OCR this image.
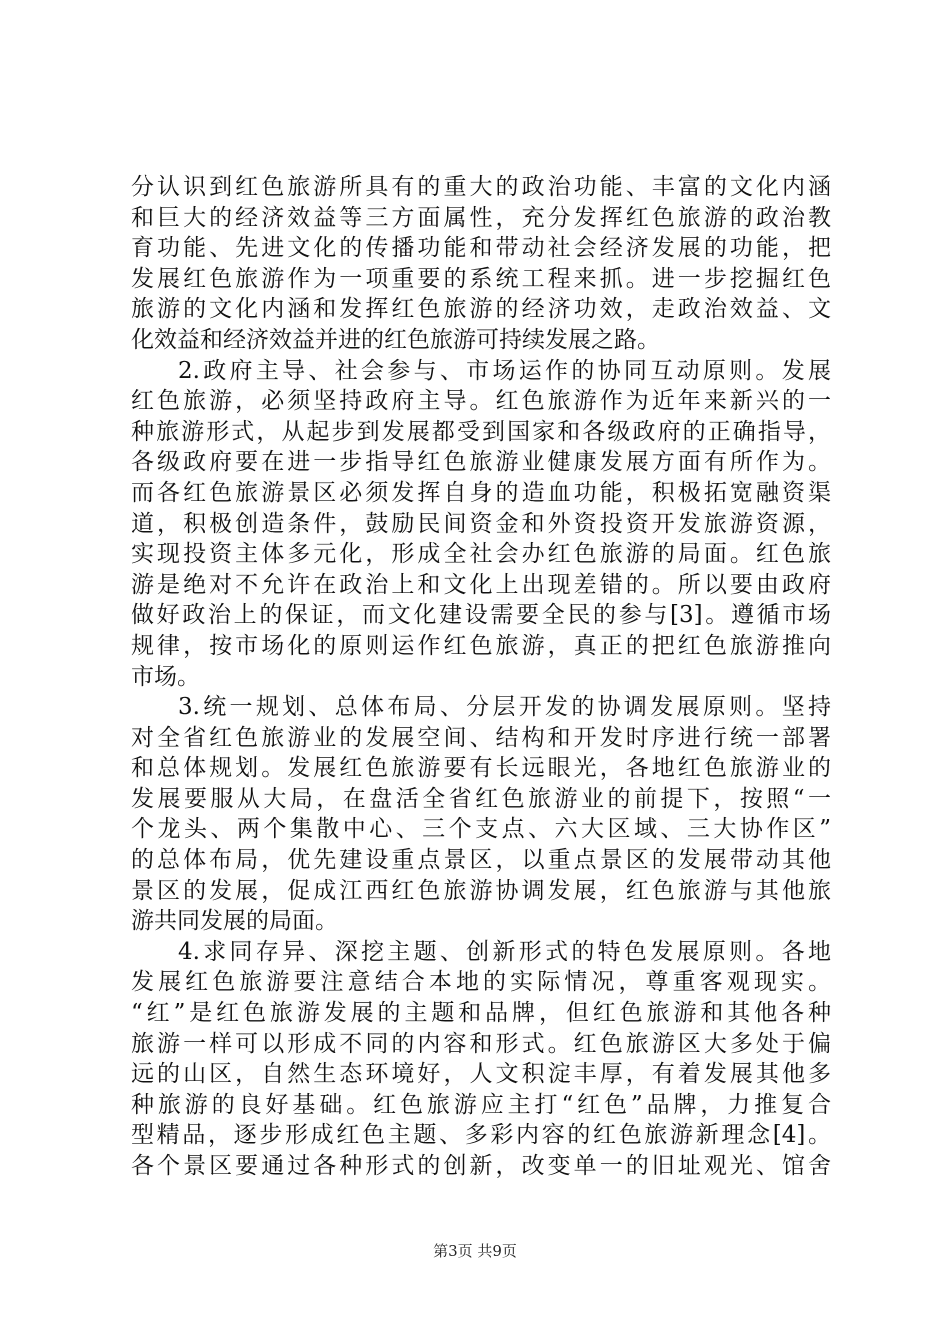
分认识到红色旅游所具有的重大的政治功能、丰富的文化内涵
和巨大的经济效益等三方面属性，充分发挥红色旅游的政治教
育功能、先进文化的传播功能和带动社会经济发展的功能，把
发展红色旅游作为一项重要的系统工程来抓。进一步挖掘红色
旅游的文化内涵和发挥红色旅游的经济功效，走政治效益、文
化效益和经济效益并进的红色旅游可持续发展之路。
2.政府主导、社会参与、市场运作的协同互动原则。发展
红色旅游，必须坚持政府主导。红色旅游作为近年来新兴的一
种旅游形式，从起步到发展都受到国家和各级政府的正确指导，
各级政府要在进一步指导红色旅游业健康发展方面有所作为。
而各红色旅游景区必须发挥自身的造血功能，积极拓宽融资渠
道，积极创造条件，鼓励民间资金和外资投资开发旅游资源，
实现投资主体多元化，形成全社会办红色旅游的局面。红色旅
游是绝对不允许在政治上和文化上出现差错的。所以要由政府
做好政治上的保证，而文化建设需要全民的参与[3]。遵循市场
规律，按市场化的原则运作红色旅游，真正的把红色旅游推向
市场。
3.统一规划、总体布局、分层开发的协调发展原则。坚持
对全省红色旅游业的发展空间、结构和开发时序进行统一部署
和总体规划。发展红色旅游要有长远眼光，各地红色旅游业的
发展要服从大局，在盘活全省红色旅游业的前提下，按照“一
个龙头、两个集散中心、三个支点、六大区域、三大协作区”
的总体布局，优先建设重点景区，以重点景区的发展带动其他
景区的发展，促成江西红色旅游协调发展，红色旅游与其他旅
游共同发展的局面。
4.求同存异、深挖主题、创新形式的特色发展原则。各地
发展红色旅游要注意结合本地的实际情况，尊重客观现实。
“红”是红色旅游发展的主题和品牌，但红色旅游和其他各种
旅游一样可以形成不同的内容和形式。红色旅游区大多处于偏
远的山区，自然生态环境好，人文积淀丰厚，有着发展其他多
种旅游的良好基础。红色旅游应主打“红色”品牌，力推复合
型精品，逐步形成红色主题、多彩内容的红色旅游新理念[4]。
各个景区要通过各种形式的创新，改变单一的旧址观光、馆舍
第3页 共9页
